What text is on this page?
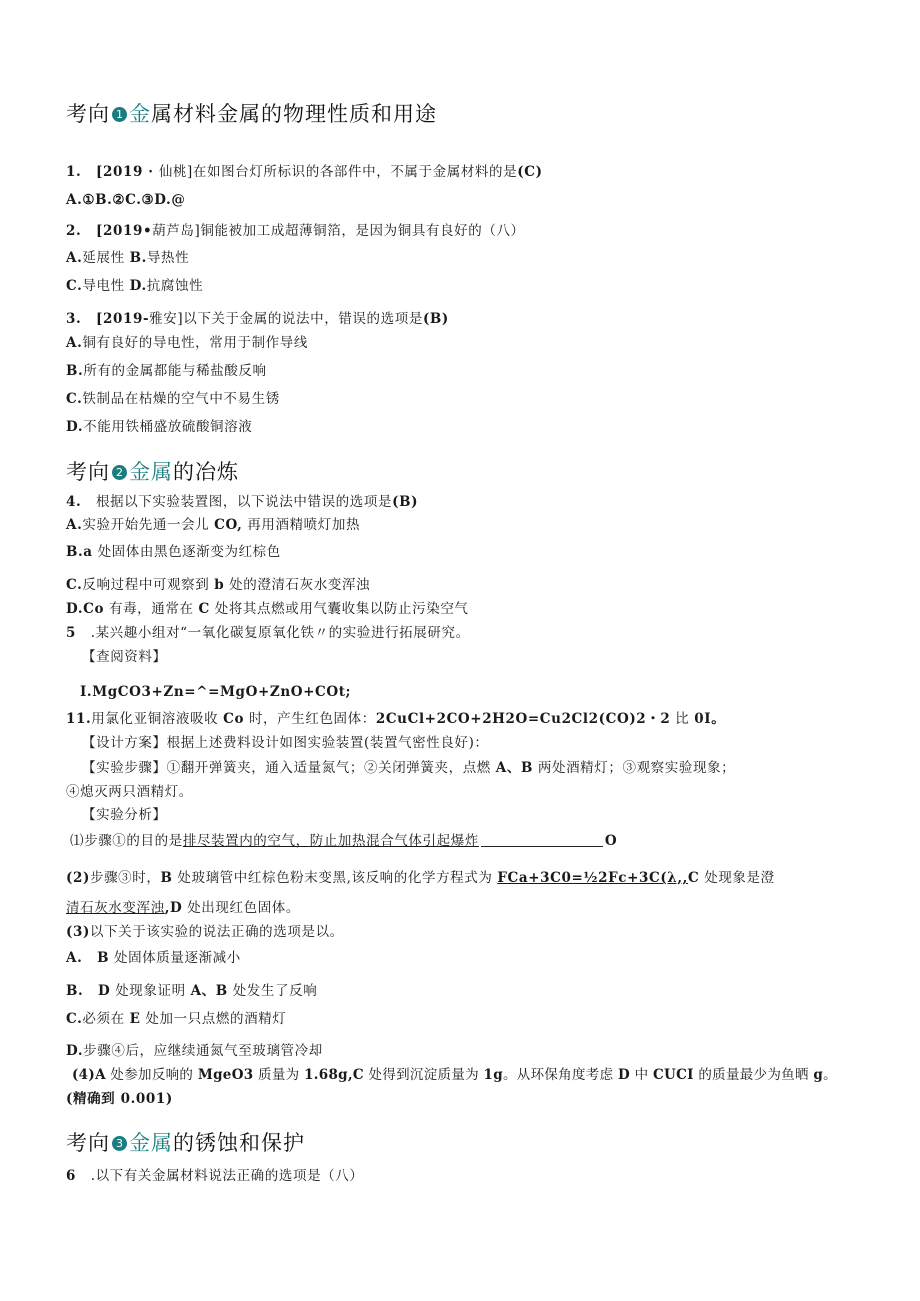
考向 1 金属材料金属的物理性质和用途
1. [2019 · 仙桃]在如图台灯所标识的各部件中，不属于金属材料的是(C)
A.①B.②C.③D.@
2. [2019•葫芦岛]铜能被加工成超薄铜箔，是因为铜具有良好的（八）
A.延展性 B.导热性
C.导电性 D.抗腐蚀性
3. [2019-雅安]以下关于金属的说法中，错误的选项是(B)
A.铜有良好的导电性，常用于制作导线
B.所有的金属都能与稀盐酸反响
C.铁制品在枯燥的空气中不易生锈
D.不能用铁桶盛放硫酸铜溶液
考向 2 金属的冶炼
4. 根据以下实验装置图，以下说法中错误的选项是(B)
A.实验开始先通一会儿 CO, 再用酒精喷灯加热
B.a 处固体由黑色逐渐变为红棕色
C.反响过程中可观察到 b 处的澄清石灰水变浑浊
D.Co 有毒，通常在 C 处将其点燃或用气囊收集以防止污染空气
5 .某兴趣小组对“一氧化碳复原氧化铁〃的实验进行拓展研究。
【查阅资料】
I.MgCO3+Zn=^=MgO+ZnO+COt;
11.用氯化亚铜溶液吸收 Co 时，产生红色固体：2CuCl+2CO+2H2O=Cu2Cl2(CO)2・2 比 0I。
【设计方案】根据上述费料设计如图实验装置(装置气密性良好)：
【实验步骤】①翻开弹簧夹，通入适量氮气；②关闭弹簧夹，点燃 A、B 两处酒精灯；③观察实验现象；
④熄灭两只酒精灯。
【实验分析】
⑴步骤①的目的是排尽装置内的空气，防止加热混合气体引起爆炸	O
(2)步骤③时，B 处玻璃管中红棕色粉末变黑,该反响的化学方程式为 FCa+3C0=½2Fc+3C(λ,,C 处现象是澄
清石灰水变浑浊,D 处出现红色固体。
(3)以下关于该实验的说法正确的选项是以。
A. B 处固体质量逐渐减小
B. D 处现象证明 A、B 处发生了反响
C.必须在 E 处加一只点燃的酒精灯
D.步骤④后，应继续通氮气至玻璃管冷却
(4)A 处参加反响的 MgeO3 质量为 1.68g,C 处得到沉淀质量为 1g。从环保角度考虑 D 中 CUCI 的质量最少为鱼晒 g。
(精确到 0.001)
考向 3 金属的锈蚀和保护
6 .以下有关金属材料说法正确的选项是（八）
